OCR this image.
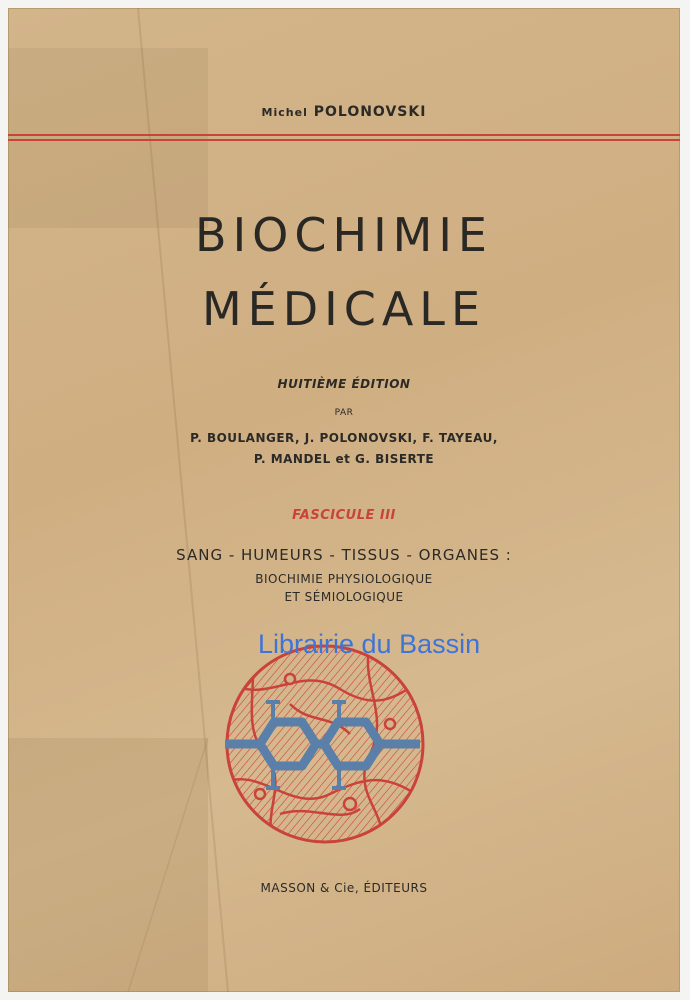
Michel POLONOVSKI
BIOCHIMIE
MÉDICALE
HUITIÈME ÉDITION
PAR
P. BOULANGER, J. POLONOVSKI, F. TAYEAU,
P. MANDEL et G. BISERTE
FASCICULE III
SANG - HUMEURS - TISSUS - ORGANES :
BIOCHIMIE PHYSIOLOGIQUE
ET SÉMIOLOGIQUE
Librairie du Bassin
MASSON & Cie, ÉDITEURS
